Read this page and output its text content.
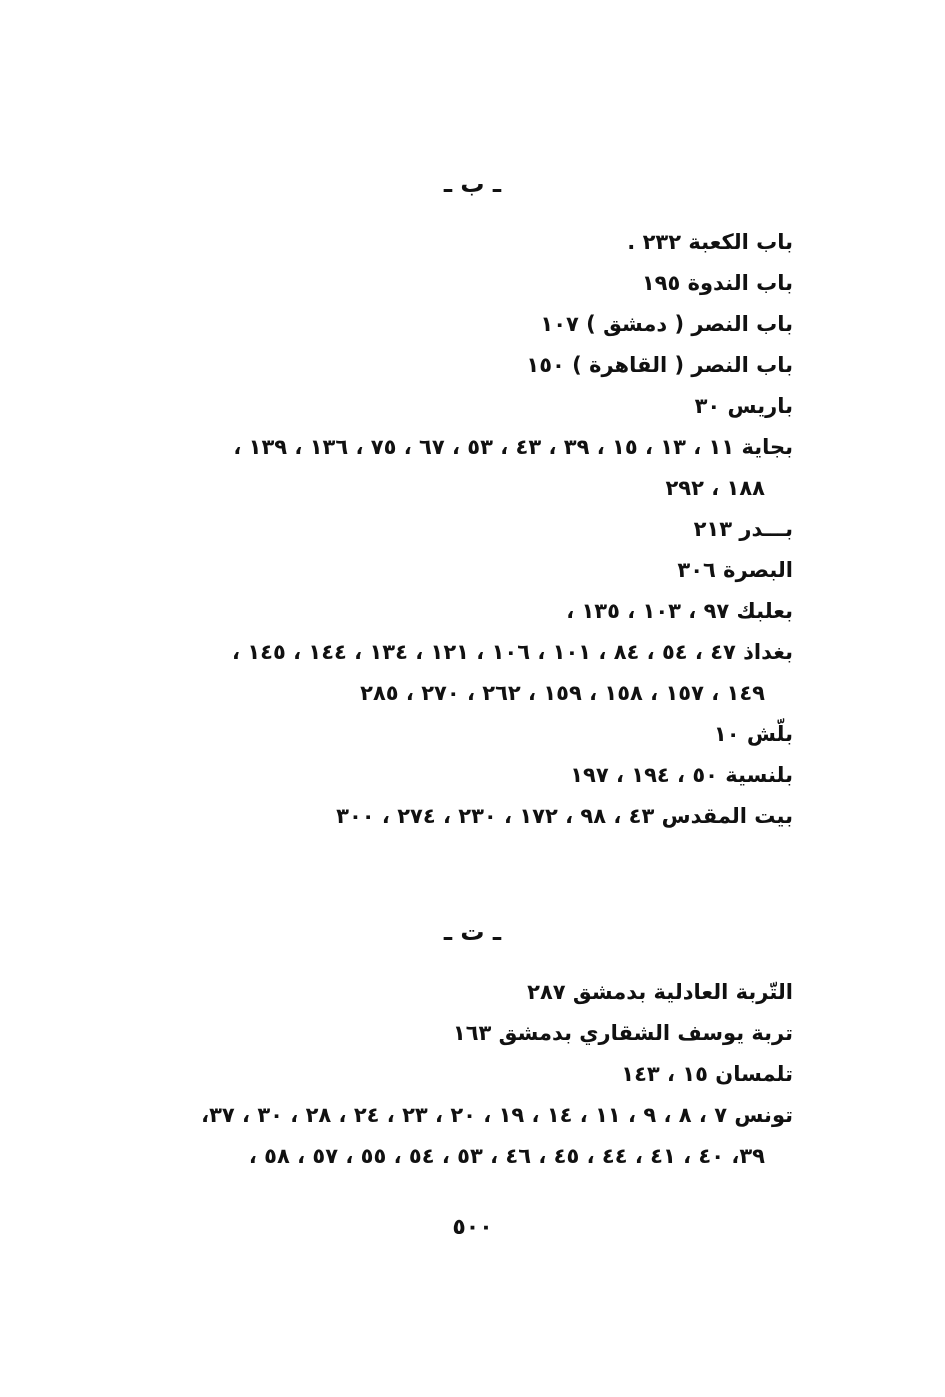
ـ ب ـ
باب الكعبة ٢٣٢ .
باب الندوة ١٩٥
باب النصر ( دمشق ) ١٠٧
باب النصر ( القاهرة ) ١٥٠
باريس ٣٠
بجاية ١١ ، ١٣ ، ١٥ ، ٣٩ ، ٤٣ ، ٥٣ ، ٦٧ ، ٧٥ ، ١٣٦ ، ١٣٩ ،
١٨٨ ، ٢٩٢
بـــدر ٢١٣
البصرة ٣٠٦
بعلبك ٩٧ ، ١٠٣ ، ١٣٥ ،
بغداذ ٤٧ ، ٥٤ ، ٨٤ ، ١٠١ ، ١٠٦ ، ١٢١ ، ١٣٤ ، ١٤٤ ، ١٤٥ ،
١٤٩ ، ١٥٧ ، ١٥٨ ، ١٥٩ ، ٢٦٢ ، ٢٧٠ ، ٢٨٥
بلّش ١٠
بلنسية ٥٠ ، ١٩٤ ، ١٩٧
بيت المقدس ٤٣ ، ٩٨ ، ١٧٢ ، ٢٣٠ ، ٢٧٤ ، ٣٠٠
ـ ت ـ
التّربة العادلية بدمشق ٢٨٧
تربة يوسف الشقاري بدمشق ١٦٣
تلمسان ١٥ ، ١٤٣
تونس ٧ ، ٨ ، ٩ ، ١١ ، ١٤ ، ١٩ ، ٢٠ ، ٢٣ ، ٢٤ ، ٢٨ ، ٣٠ ، ٣٧،
٣٩، ٤٠ ، ٤١ ، ٤٤ ، ٤٥ ، ٤٦ ، ٥٣ ، ٥٤ ، ٥٥ ، ٥٧ ، ٥٨ ،
٥٠٠
